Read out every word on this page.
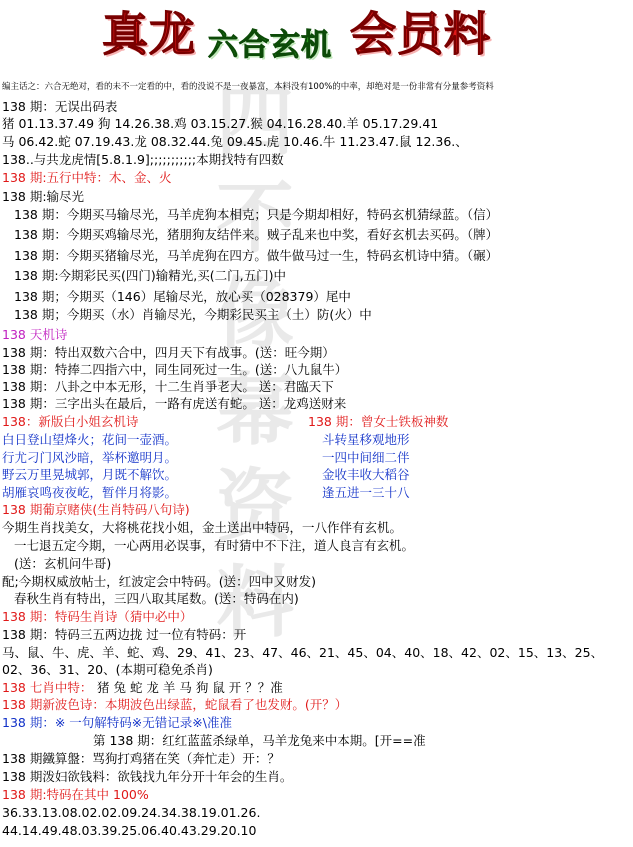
真龙 六合玄机 会员料
四不像幕资料
编主话之：六合无绝对，看的未不一定看的中，看的没说不是一夜暴富，本料没有100%的中率，却绝对是一份非常有分量参考资料
138 期：无误出码表
猪 01.13.37.49 狗 14.26.38.鸡 03.15.27.猴 04.16.28.40.羊 05.17.29.41
马 06.42.蛇 07.19.43.龙 08.32.44.兔 09.45.虎 10.46.牛 11.23.47.鼠 12.36.、
138..与共龙虎情[5.8.1.9];;;;;;;;;;;本期找特有四数
138 期:五行中特：木、金、火
138 期:输尽光
138 期：今期买马输尽光，马羊虎狗本相克；只是今期却相好，特码玄机猜绿蓝。（信）
138 期：今期买鸡输尽光，猪朋狗友结伴来。贼子乱来也中奖，看好玄机去买码。（牌）
138 期：今期买猪输尽光，马羊虎狗在四方。做牛做马过一生，特码玄机诗中猜。（碾）
138 期:今期彩民买(四门)输精光,买(二门,五门)中
138 期；今期买（146）尾输尽光，放心买（028379）尾中
138 期；今期买（水）肖输尽光，今期彩民买主（土）防(火）中
138 天机诗
138 期：特出双数六合中，四月天下有战事。(送：旺今期）
138 期：特捧二四指六中，同生同死过一生。(送：八九鼠牛）
138 期：八卦之中本无形，十二生肖爭老大。 送：君臨天下
138 期：三字出头在最后，一路有虎送有蛇。 送：龙鸡送财来
138：新版白小姐玄机诗	138 期：曾女士铁板神数
白日登山望烽火；花间一壶酒。	斗转星移观地形
行尤刁门风沙暗，举杯邀明月。	一四中间细二伴
野云万里晃城郭，月既不解饮。	金收丰收大稻谷
胡雁哀鸣夜夜屹，暂伴月将影。	逢五进一三十八
138 期葡京赌侠(生肖特码八句诗)
今期生肖找美女，大将桃花找小姐，金土送出中特码，一八作伴有玄机。
一七退五定今期，一心两用必误事，有时猜中不下注，道人良言有玄机。
(送：玄机问牛哥)
配;今期权威放帖士，红波定会中特码。(送：四中又财发)
春秋生肖有特出，三四八取其尾数。(送：特码在内)
138 期：特码生肖诗（猜中必中）
138 期：特码三五两边拢 过一位有特码：开
马、鼠、牛、虎、羊、蛇、鸡、29、41、23、47、46、21、45、04、40、18、42、02、15、13、25、
02、36、31、20、(本期可稳免杀肖)
138 七肖中特： 猪 兔 蛇 龙 羊 马 狗 鼠 开 ？？准
138 期新波色诗：本期波色出绿蓝，蛇鼠看了也发财。(开？）
138 期：※ 一句解特码※无错记录※\准准
第 138 期：红红蓝蓝杀绿单，马羊龙兔来中本期。[开==准
138 期鐵算盤：骂狗打鸡猪在笑（奔忙走）开：？
138 期泼妇欲钱料：欲钱找九年分开十年会的生肖。
138 期:特码在其中 100%
36.33.13.08.02.02.09.24.34.38.19.01.26.
44.14.49.48.03.39.25.06.40.43.29.20.10
